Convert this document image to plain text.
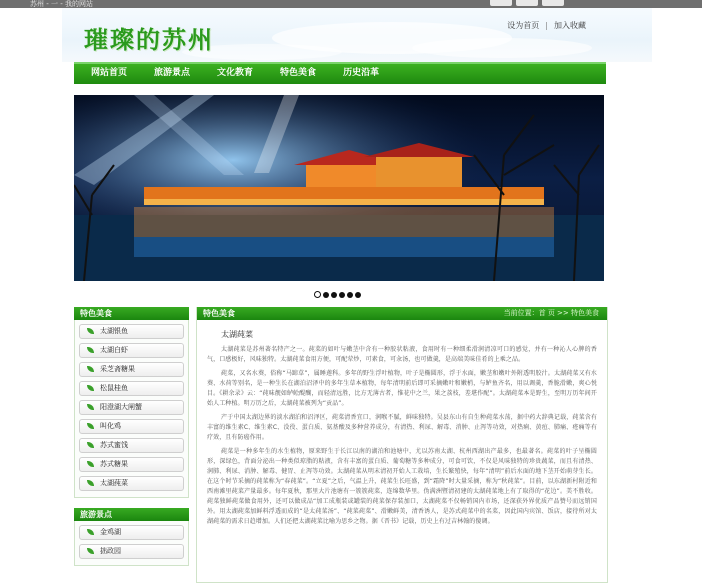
苏州 - 一 - 我的网站
璀璨的苏州	设为首页 | 加入收藏
网站首页	旅游景点	文化教育	特色美食	历史沿革
特色美食
太湖银鱼
太湖白虾
采芝斋糖果
松鼠桂鱼
阳澄湖大闸蟹
叫化鸡
苏式蜜饯
苏式糖果
太湖莼菜
旅游景点
金鸡湖
拙政园
特色美食	当前位置：首 页 >> 特色美食
太湖莼菜

太湖莼菜是苏州著名特产之一。莼菜的如叶与嫩茎中含有一种胶状粘液，食用时有一种细柔滑润清凉可口的感觉，并有一种沁人心脾的香气，口感极好，风味独特。太湖莼菜食用方便，可配荤炒，可素食，可汆汤，也可做羹，是高端美味佳肴的上乘之品。

莼菜，又名水葵，俗称“马蹄草”，属睡莲科。多年的野生浮叶植物，叶子是椭圆形，浮于水面，嫩茎和嫩叶外附透明胶汁。太湖莼菜又有水葵、水荷等别名，是一种生长在湖泊沼泽中的多年生草本植物，每年清明前后即可采摘嫩叶和嫩梢，与鲈鱼齐名，用以调羹，香脆滑嫩，爽心悦目。《耕余录》云：“莼味靓如鲈鲙醍醐，而轻清远胜，比方无薄古者，惟花中之兰，果之荔枝，差堪作配”。太湖莼菜本是野生，至明万历年间开始人工种植。明万历之后，太湖莼菜被列为“贡品”。

产于中国太湖边界的淡水湖泊和沼泽区，莼菜清香宜口，润喉不腻，鲜味独特。吴县东山有自生种莼菜水荡，据中药大辞典记载，莼菜含有丰富的维生素C、维生素C、没役、蛋白质、氨基酸及多种营养成分，有清热、利尿、解毒、消肿、止泻等功效，对热痢、黄疸、肺痛、疮痛等有疗效，且有防癌作用。

莼菜是一种多年生的水生植物，原来野生于长江以南的湖泊和池塘中，尤以苏南太湖、杭州西湖出产最多，也最著名。莼菜的叶子呈椭圆形，深绿色，背面分泌出一种类似琼脂的粘液，含有丰富的蛋白质、葡萄糖等多种成分，可食可饮，不仅是风味独特的珍贵蔬菜，而且有清热、润肺、利尿、消肿、解毒、健胃、止泻等功效。太湖莼菜从明末清初开始人工栽培，生长繁殖快，每年“清明”前后水面的地下茎开始萌芽生长。在这个时节采摘的莼菜称为“春莼菜”。“立夏”之后，气温上升，莼菜生长旺盛，到“霜降”时大量采摘，称为“秋莼菜”。目前，以东湖新村附近和西南滩里莼菜产量最多。每年夏秋，那里大片池塘有一簇簇莼菜，连绵数华里。伪满洲暨清初建的太湖莼菜地上有了取得的“花边”。美不胜收。莼菜独鲜莼菜做食用外，还可以做成品“加工成瓶装或罐装的莼菜保存装加口，太湖莼菜不仅畅销国内市场，还深获外界优质产品赞号而远销国外。用太湖莼菜加鲜料浮透而成的“是太莼菜汤”、“莼菜莼菜”、滑嫩鲜美，清香诱人，是苏式莼菜中的名菜，因此国内宾馆、饭店，接待所对太湖莼菜的需求日趋增加。人们还把太湖莼菜比喻为思乡之物。据《晋书》记载，历史上有过吉林翰的傻调。
